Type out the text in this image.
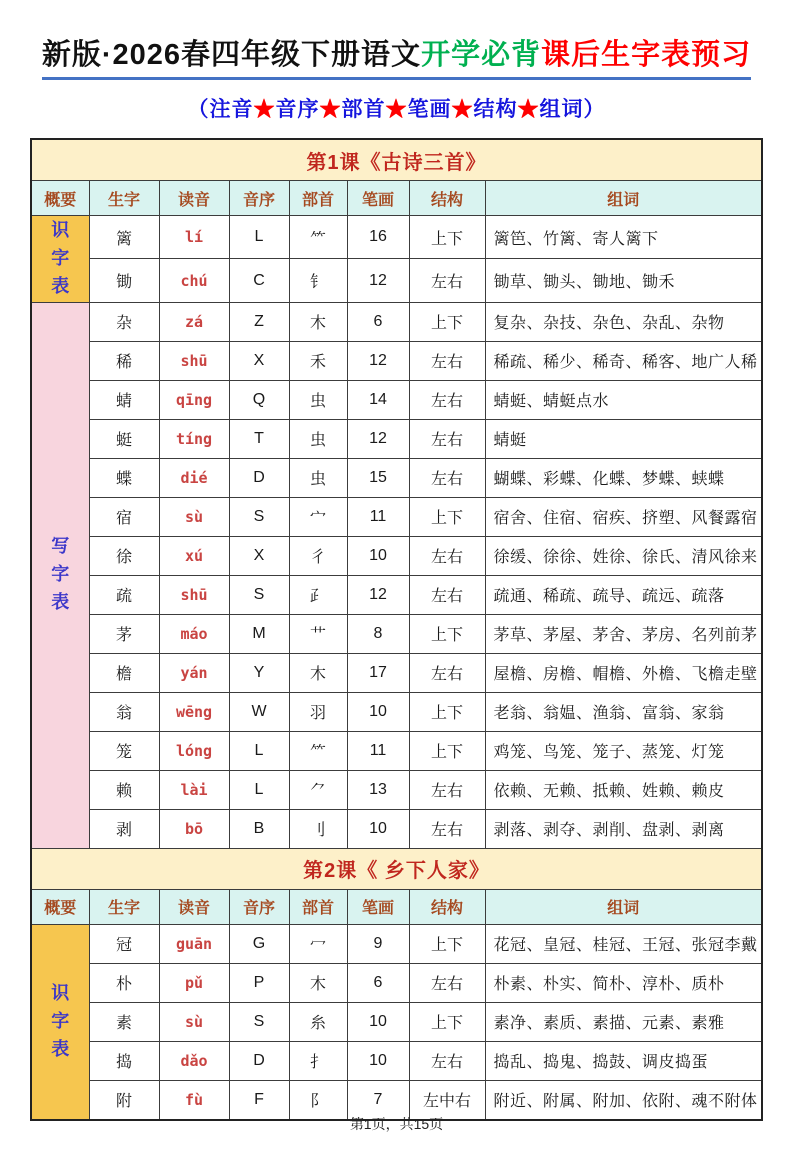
新版·2026春四年级下册语文开学必背课后生字表预习
（注音★音序★部首★笔画★结构★组词）
第1课《古诗三首》							
概要	生字	读音	音序	部首	笔画	结构	组词

识字表	篱	lí	L	⺮	16	上下	篱笆、竹篱、寄人篱下
	锄	chú	C	钅	12	左右	锄草、锄头、锄地、锄禾

写字表	杂	zá	Z	木	6	上下	复杂、杂技、杂色、杂乱、杂物
	稀	shū	X	禾	12	左右	稀疏、稀少、稀奇、稀客、地广人稀
	蜻	qīng	Q	虫	14	左右	蜻蜓、蜻蜓点水
	蜓	tíng	T	虫	12	左右	蜻蜓
	蝶	dié	D	虫	15	左右	蝴蝶、彩蝶、化蝶、梦蝶、蛱蝶
	宿	sù	S	宀	11	上下	宿舍、住宿、宿疾、挤塑、风餐露宿
	徐	xú	X	彳	10	左右	徐缓、徐徐、姓徐、徐氏、清风徐来
	疏	shū	S	⺪	12	左右	疏通、稀疏、疏导、疏远、疏落
	茅	máo	M	艹	8	上下	茅草、茅屋、茅舍、茅房、名列前茅
	檐	yán	Y	木	17	左右	屋檐、房檐、帽檐、外檐、飞檐走壁
	翁	wēng	W	羽	10	上下	老翁、翁媪、渔翁、富翁、家翁
	笼	lóng	L	⺮	11	上下	鸡笼、鸟笼、笼子、蒸笼、灯笼
	赖	lài	L	⺈	13	左右	依赖、无赖、抵赖、姓赖、赖皮
	剥	bō	B	刂	10	左右	剥落、剥夺、剥削、盘剥、剥离
第2课《 乡下人家》							
概要	生字	读音	音序	部首	笔画	结构	组词

识字表	冠	guān	G	冖	9	上下	花冠、皇冠、桂冠、王冠、张冠李戴
	朴	pǔ	P	木	6	左右	朴素、朴实、简朴、淳朴、质朴
	素	sù	S	糸	10	上下	素净、素质、素描、元素、素雅
	捣	dǎo	D	扌	10	左右	捣乱、捣鬼、捣鼓、调皮捣蛋
	附	fù	F	阝	7	左中右	附近、附属、附加、依附、魂不附体
第1页，共15页
